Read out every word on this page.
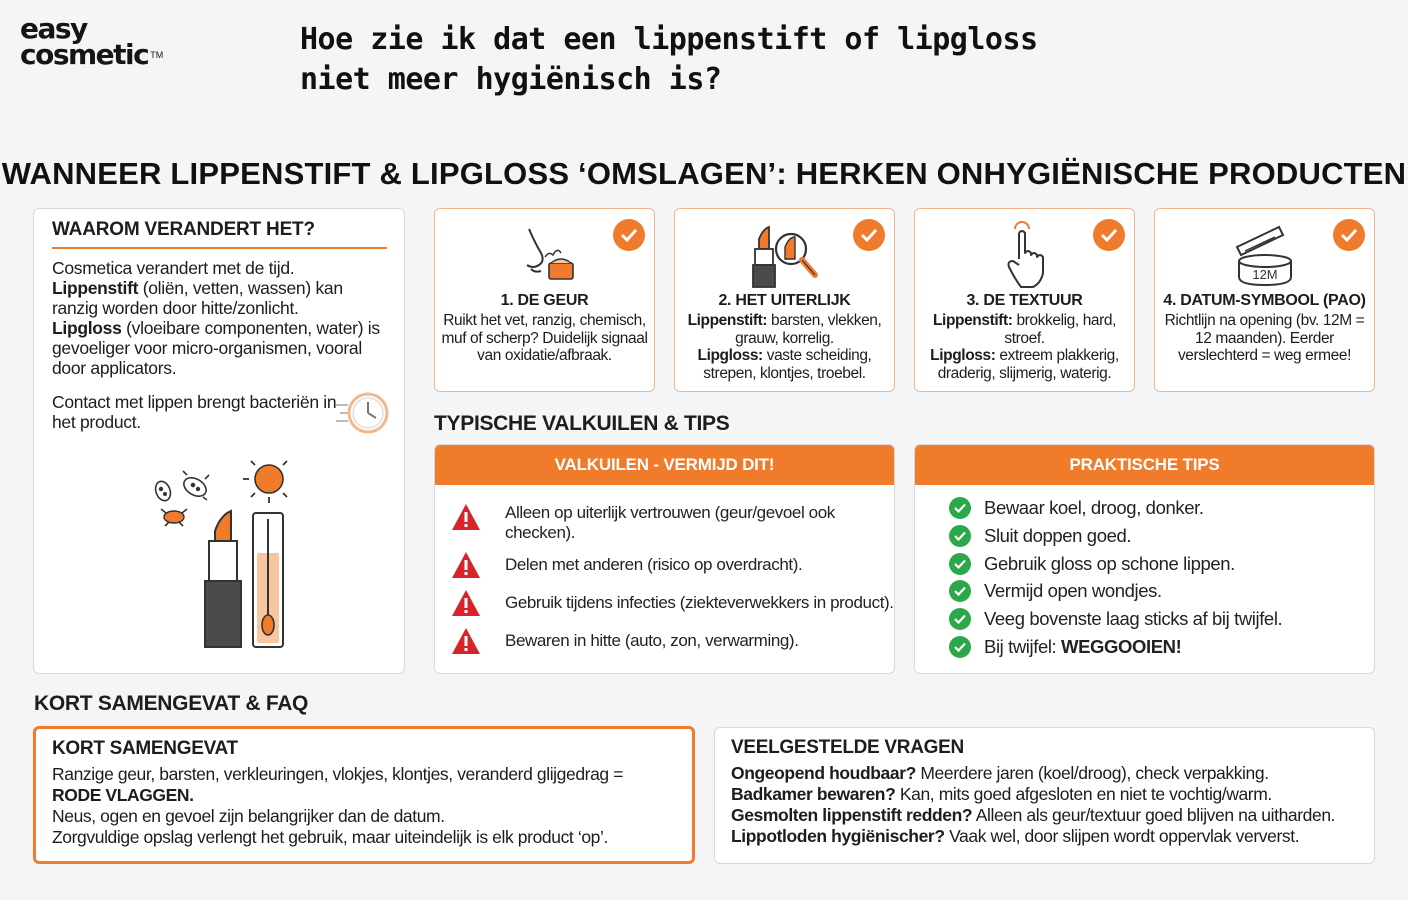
easy
cosmetic ™	Hoe zie ik dat een lippenstift of lipgloss niet meer hygiënisch is?
WANNEER LIPPENSTIFT & LIPGLOSS ‘OMSLAGEN’: HERKEN ONHYGIËNISCHE PRODUCTEN
WAAROM VERANDERT HET?
Cosmetica verandert met de tijd.
Lippenstift (oliën, vetten, wassen) kan ranzig worden door hitte/zonlicht.
Lipgloss (vloeibare componenten, water) is gevoeliger voor micro-organismen, vooral door applicators.
Contact met lippen brengt bacteriën in het product.
1. DE GEUR

Ruikt het vet, ranzig, chemisch, muf of scherp? Duidelijk signaal van oxidatie/afbraak.

2. HET UITERLIJK

Lippenstift: barsten, vlekken, grauw, korrelig.
Lipgloss: vaste scheiding, strepen, klontjes, troebel.

3. DE TEXTUUR

Lippenstift: brokkelig, hard, stroef.
Lipgloss: extreem plakkerig, draderig, slijmerig, waterig.

12M
4. DATUM-SYMBOOL (PAO)

Richtlijn na opening (bv. 12M = 12 maanden). Eerder verslechterd = weg ermee!

TYPISCHE VALKUILEN & TIPS
VALKUILEN - VERMIJD DIT!
Alleen op uiterlijk vertrouwen (geur/gevoel ook checken).
Delen met anderen (risico op overdracht).
Gebruik tijdens infecties (ziekteverwekkers in product).
Bewaren in hitte (auto, zon, verwarming).
PRAKTISCHE TIPS
Bewaar koel, droog, donker.
Sluit doppen goed.
Gebruik gloss op schone lippen.
Vermijd open wondjes.
Veeg bovenste laag sticks af bij twijfel.
Bij twijfel: WEGGOOIEN!
KORT SAMENGEVAT & FAQ
KORT SAMENGEVAT
Ranzige geur, barsten, verkleuringen, vlokjes, klontjes, veranderd glijgedrag =
RODE VLAGGEN.
Neus, ogen en gevoel zijn belangrijker dan de datum.
Zorgvuldige opslag verlengt het gebruik, maar uiteindelijk is elk product ‘op’.
VEELGESTELDE VRAGEN
Ongeopend houdbaar? Meerdere jaren (koel/droog), check verpakking.
Badkamer bewaren? Kan, mits goed afgesloten en niet te vochtig/warm.
Gesmolten lippenstift redden? Alleen als geur/textuur goed blijven na uitharden.
Lippotloden hygiënischer? Vaak wel, door slijpen wordt oppervlak ververst.
